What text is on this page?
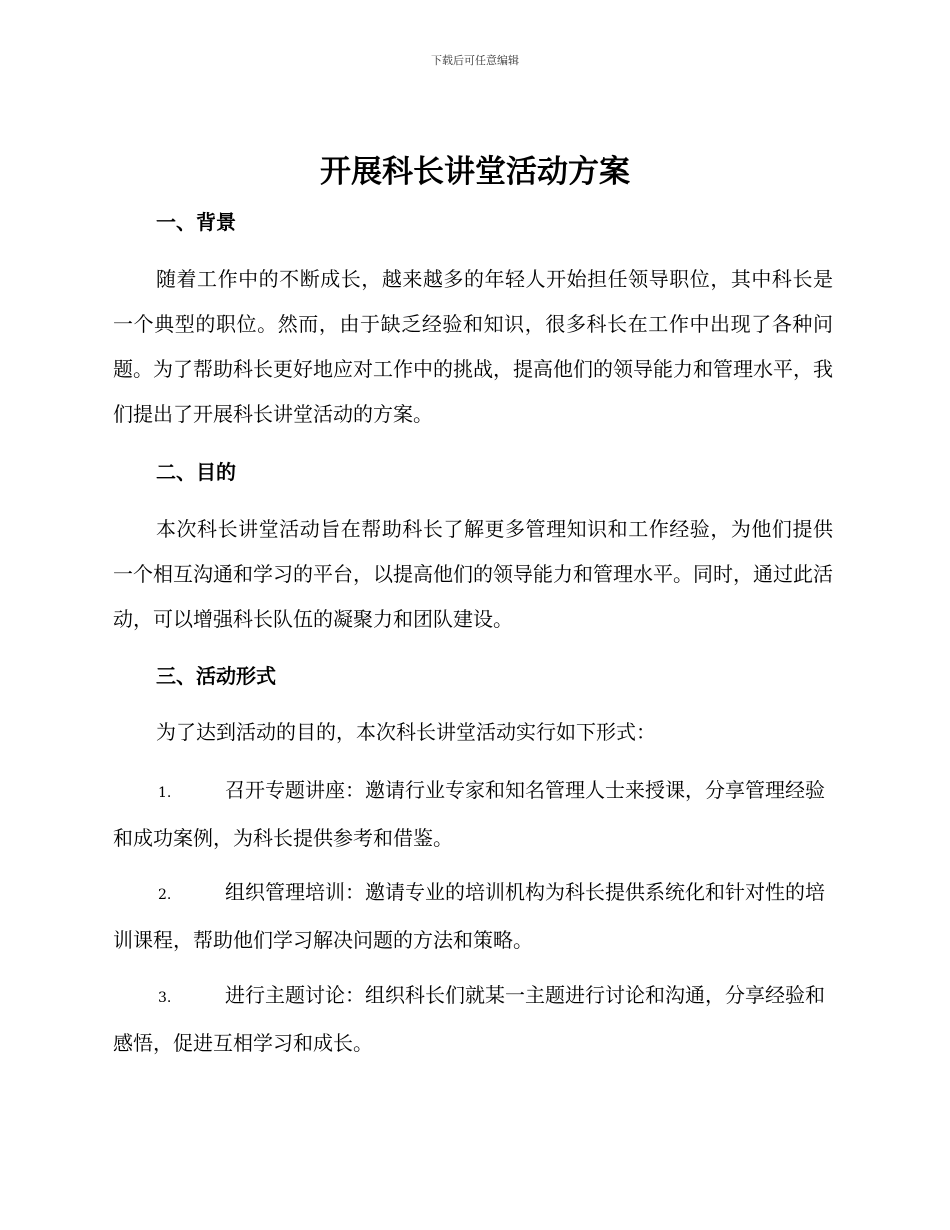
下载后可任意编辑
开展科长讲堂活动方案
一、背景
随着工作中的不断成长，越来越多的年轻人开始担任领导职位，其中科长是一个典型的职位。然而，由于缺乏经验和知识，很多科长在工作中出现了各种问题。为了帮助科长更好地应对工作中的挑战，提高他们的领导能力和管理水平，我们提出了开展科长讲堂活动的方案。
二、目的
本次科长讲堂活动旨在帮助科长了解更多管理知识和工作经验，为他们提供一个相互沟通和学习的平台，以提高他们的领导能力和管理水平。同时，通过此活动，可以增强科长队伍的凝聚力和团队建设。
三、活动形式
为了达到活动的目的，本次科长讲堂活动实行如下形式：
1.	召开专题讲座：邀请行业专家和知名管理人士来授课，分享管理经验和成功案例，为科长提供参考和借鉴。
2.	组织管理培训：邀请专业的培训机构为科长提供系统化和针对性的培训课程，帮助他们学习解决问题的方法和策略。
3.	进行主题讨论：组织科长们就某一主题进行讨论和沟通，分享经验和感悟，促进互相学习和成长。
